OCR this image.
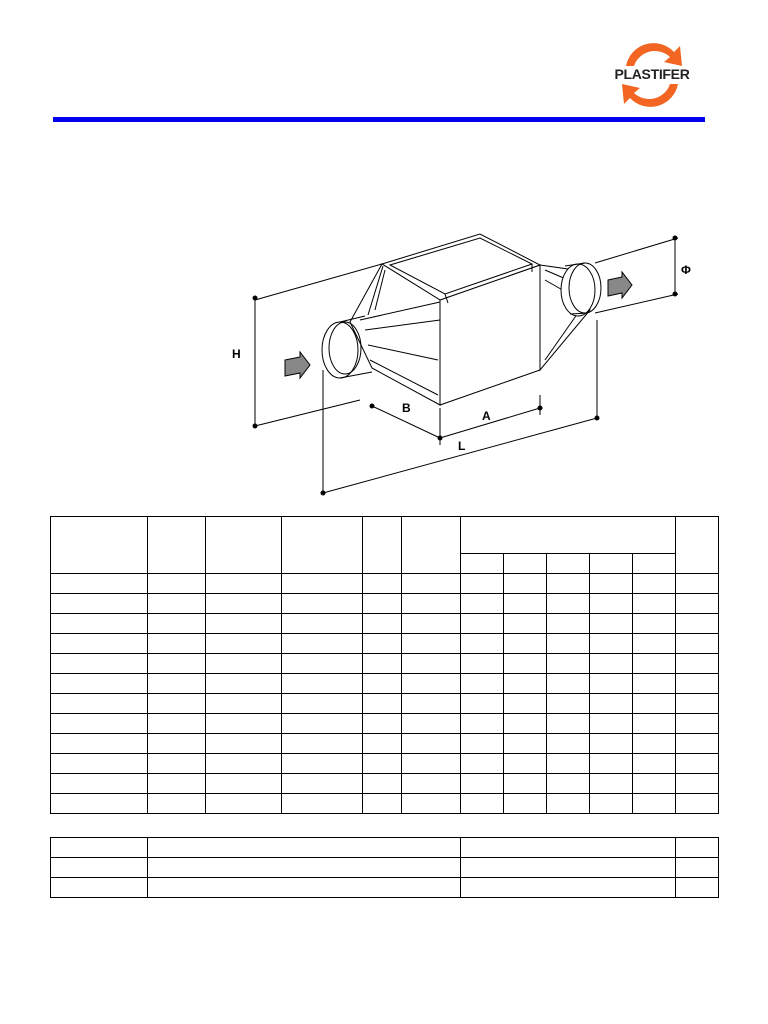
PLASTIFER
H
B
A
L
Φ
